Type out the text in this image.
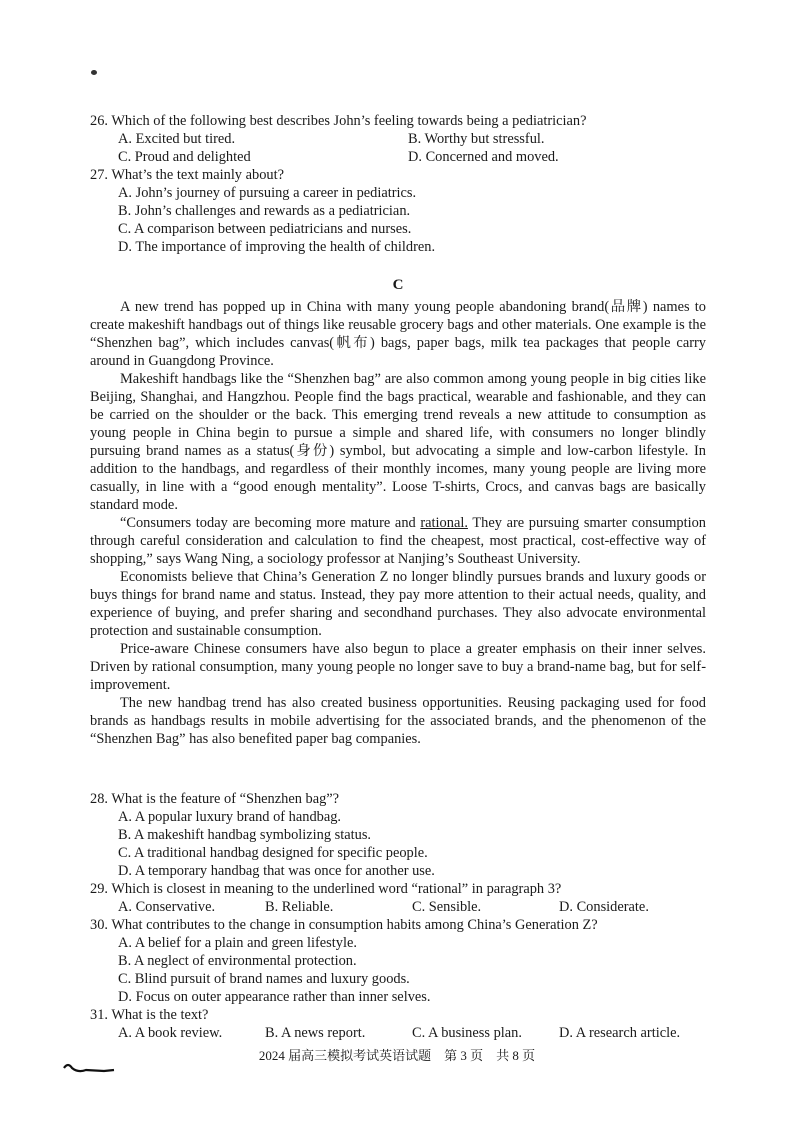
26. Which of the following best describes John’s feeling towards being a pediatrician?

A. Excited but tired.	B. Worthy but stressful.
C. Proud and delighted	D. Concerned and moved.

27. What’s the text mainly about?

A. John’s journey of pursuing a career in pediatrics.

B. John’s challenges and rewards as a pediatrician.

C. A comparison between pediatricians and nurses.

D. The importance of improving the health of children.

C

A new trend has popped up in China with many young people abandoning brand(品牌) names to create makeshift handbags out of things like reusable grocery bags and other materials. One example is the “Shenzhen bag”, which includes canvas(帆布) bags, paper bags, milk tea packages that people carry around in Guangdong Province.

Makeshift handbags like the “Shenzhen bag” are also common among young people in big cities like Beijing, Shanghai, and Hangzhou. People find the bags practical, wearable and fashionable, and they can be carried on the shoulder or the back. This emerging trend reveals a new attitude to consumption as young people in China begin to pursue a simple and shared life, with consumers no longer blindly pursuing brand names as a status(身份) symbol, but advocating a simple and low-carbon lifestyle. In addition to the handbags, and regardless of their monthly incomes, many young people are living more casually, in line with a “good enough mentality”. Loose T-shirts, Crocs, and canvas bags are basically standard mode.

“Consumers today are becoming more mature and rational. They are pursuing smarter consumption through careful consideration and calculation to find the cheapest, most practical, cost-effective way of shopping,” says Wang Ning, a sociology professor at Nanjing’s Southeast University.

Economists believe that China’s Generation Z no longer blindly pursues brands and luxury goods or buys things for brand name and status. Instead, they pay more attention to their actual needs, quality, and experience of buying, and prefer sharing and secondhand purchases. They also advocate environmental protection and sustainable consumption.

Price-aware Chinese consumers have also begun to place a greater emphasis on their inner selves. Driven by rational consumption, many young people no longer save to buy a brand-name bag, but for self-improvement.

The new handbag trend has also created business opportunities. Reusing packaging used for food brands as handbags results in mobile advertising for the associated brands, and the phenomenon of the “Shenzhen Bag” has also benefited paper bag companies.

28. What is the feature of “Shenzhen bag”?

A. A popular luxury brand of handbag.

B. A makeshift handbag symbolizing status.

C. A traditional handbag designed for specific people.

D. A temporary handbag that was once for another use.

29. Which is closest in meaning to the underlined word “rational” in paragraph 3?

A. Conservative.	B. Reliable.	C. Sensible.	D. Considerate.

30. What contributes to the change in consumption habits among China’s Generation Z?

A. A belief for a plain and green lifestyle.

B. A neglect of environmental protection.

C. Blind pursuit of brand names and luxury goods.

D. Focus on outer appearance rather than inner selves.

31. What is the text?

A. A book review.	B. A news report.	C. A business plan.	D. A research article.
2024 届高三模拟考试英语试题　第 3 页　共 8 页
